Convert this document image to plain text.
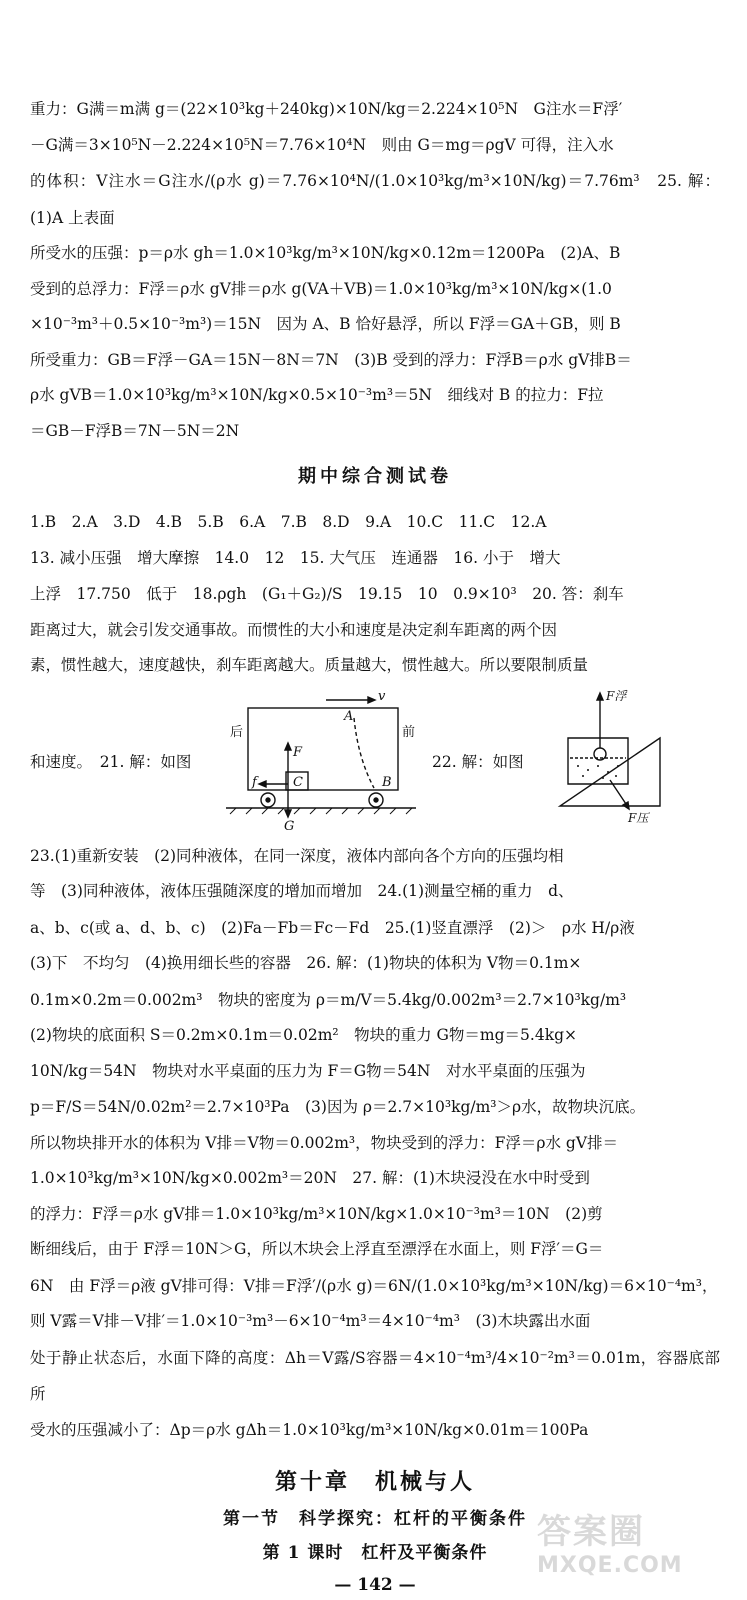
重力：G满＝m满 g＝(22×10³kg＋240kg)×10N/kg＝2.224×10⁵N　G注水＝F浮′

－G满＝3×10⁵N－2.224×10⁵N＝7.76×10⁴N　则由 G＝mg＝ρgV 可得，注入水

的体积：V注水＝G注水/(ρ水 g)＝7.76×10⁴N/(1.0×10³kg/m³×10N/kg)＝7.76m³　25. 解：(1)A 上表面

所受水的压强：p＝ρ水 gh＝1.0×10³kg/m³×10N/kg×0.12m＝1200Pa　(2)A、B

受到的总浮力：F浮＝ρ水 gV排＝ρ水 g(VA＋VB)＝1.0×10³kg/m³×10N/kg×(1.0

×10⁻³m³＋0.5×10⁻³m³)＝15N　因为 A、B 恰好悬浮，所以 F浮＝GA＋GB，则 B

所受重力：GB＝F浮－GA＝15N－8N＝7N　(3)B 受到的浮力：F浮B＝ρ水 gV排B＝

ρ水 gVB＝1.0×10³kg/m³×10N/kg×0.5×10⁻³m³＝5N　细线对 B 的拉力：F拉

＝GB－F浮B＝7N－5N＝2N

期中综合测试卷

1.B　2.A　3.D　4.B　5.B　6.A　7.B　8.D　9.A　10.C　11.C　12.A

13. 减小压强　增大摩擦　14.0　12　15. 大气压　连通器　16. 小于　增大

上浮　17.750　低于　18.ρgh　(G₁＋G₂)/S　19.15　10　0.9×10³　20. 答：刹车

距离过大，就会引发交通事故。而惯性的大小和速度是决定刹车距离的两个因

素，惯性越大，速度越快，刹车距离越大。质量越大，惯性越大。所以要限制质量

和速度。　21. 解：如图	22. 解：如图
后	前
A
v
F
f	C	B
G
F浮
F压

23.(1)重新安装　(2)同种液体，在同一深度，液体内部向各个方向的压强均相

等　(3)同种液体，液体压强随深度的增加而增加　24.(1)测量空桶的重力　d、

a、b、c(或 a、d、b、c)　(2)Fa－Fb＝Fc－Fd　25.(1)竖直漂浮　(2)＞　ρ水 H/ρ液

(3)下　不均匀　(4)换用细长些的容器　26. 解：(1)物块的体积为 V物＝0.1m×

0.1m×0.2m＝0.002m³　物块的密度为 ρ＝m/V＝5.4kg/0.002m³＝2.7×10³kg/m³

(2)物块的底面积 S＝0.2m×0.1m＝0.02m²　物块的重力 G物＝mg＝5.4kg×

10N/kg＝54N　物块对水平桌面的压力为 F＝G物＝54N　对水平桌面的压强为

p＝F/S＝54N/0.02m²＝2.7×10³Pa　(3)因为 ρ＝2.7×10³kg/m³＞ρ水，故物块沉底。

所以物块排开水的体积为 V排＝V物＝0.002m³，物块受到的浮力：F浮＝ρ水 gV排＝

1.0×10³kg/m³×10N/kg×0.002m³＝20N　27. 解：(1)木块浸没在水中时受到

的浮力：F浮＝ρ水 gV排＝1.0×10³kg/m³×10N/kg×1.0×10⁻³m³＝10N　(2)剪

断细线后，由于 F浮＝10N＞G，所以木块会上浮直至漂浮在水面上，则 F浮′＝G＝

6N　由 F浮＝ρ液 gV排可得：V排＝F浮′/(ρ水 g)＝6N/(1.0×10³kg/m³×10N/kg)＝6×10⁻⁴m³，

则 V露＝V排－V排′＝1.0×10⁻³m³－6×10⁻⁴m³＝4×10⁻⁴m³　(3)木块露出水面

处于静止状态后，水面下降的高度：Δh＝V露/S容器＝4×10⁻⁴m³/4×10⁻²m³＝0.01m，容器底部所

受水的压强减小了：Δp＝ρ水 gΔh＝1.0×10³kg/m³×10N/kg×0.01m＝100Pa

第十章　机械与人
第一节　科学探究：杠杆的平衡条件
第 1 课时　杠杆及平衡条件
— 142 —
答案圈
MXQE.COM
